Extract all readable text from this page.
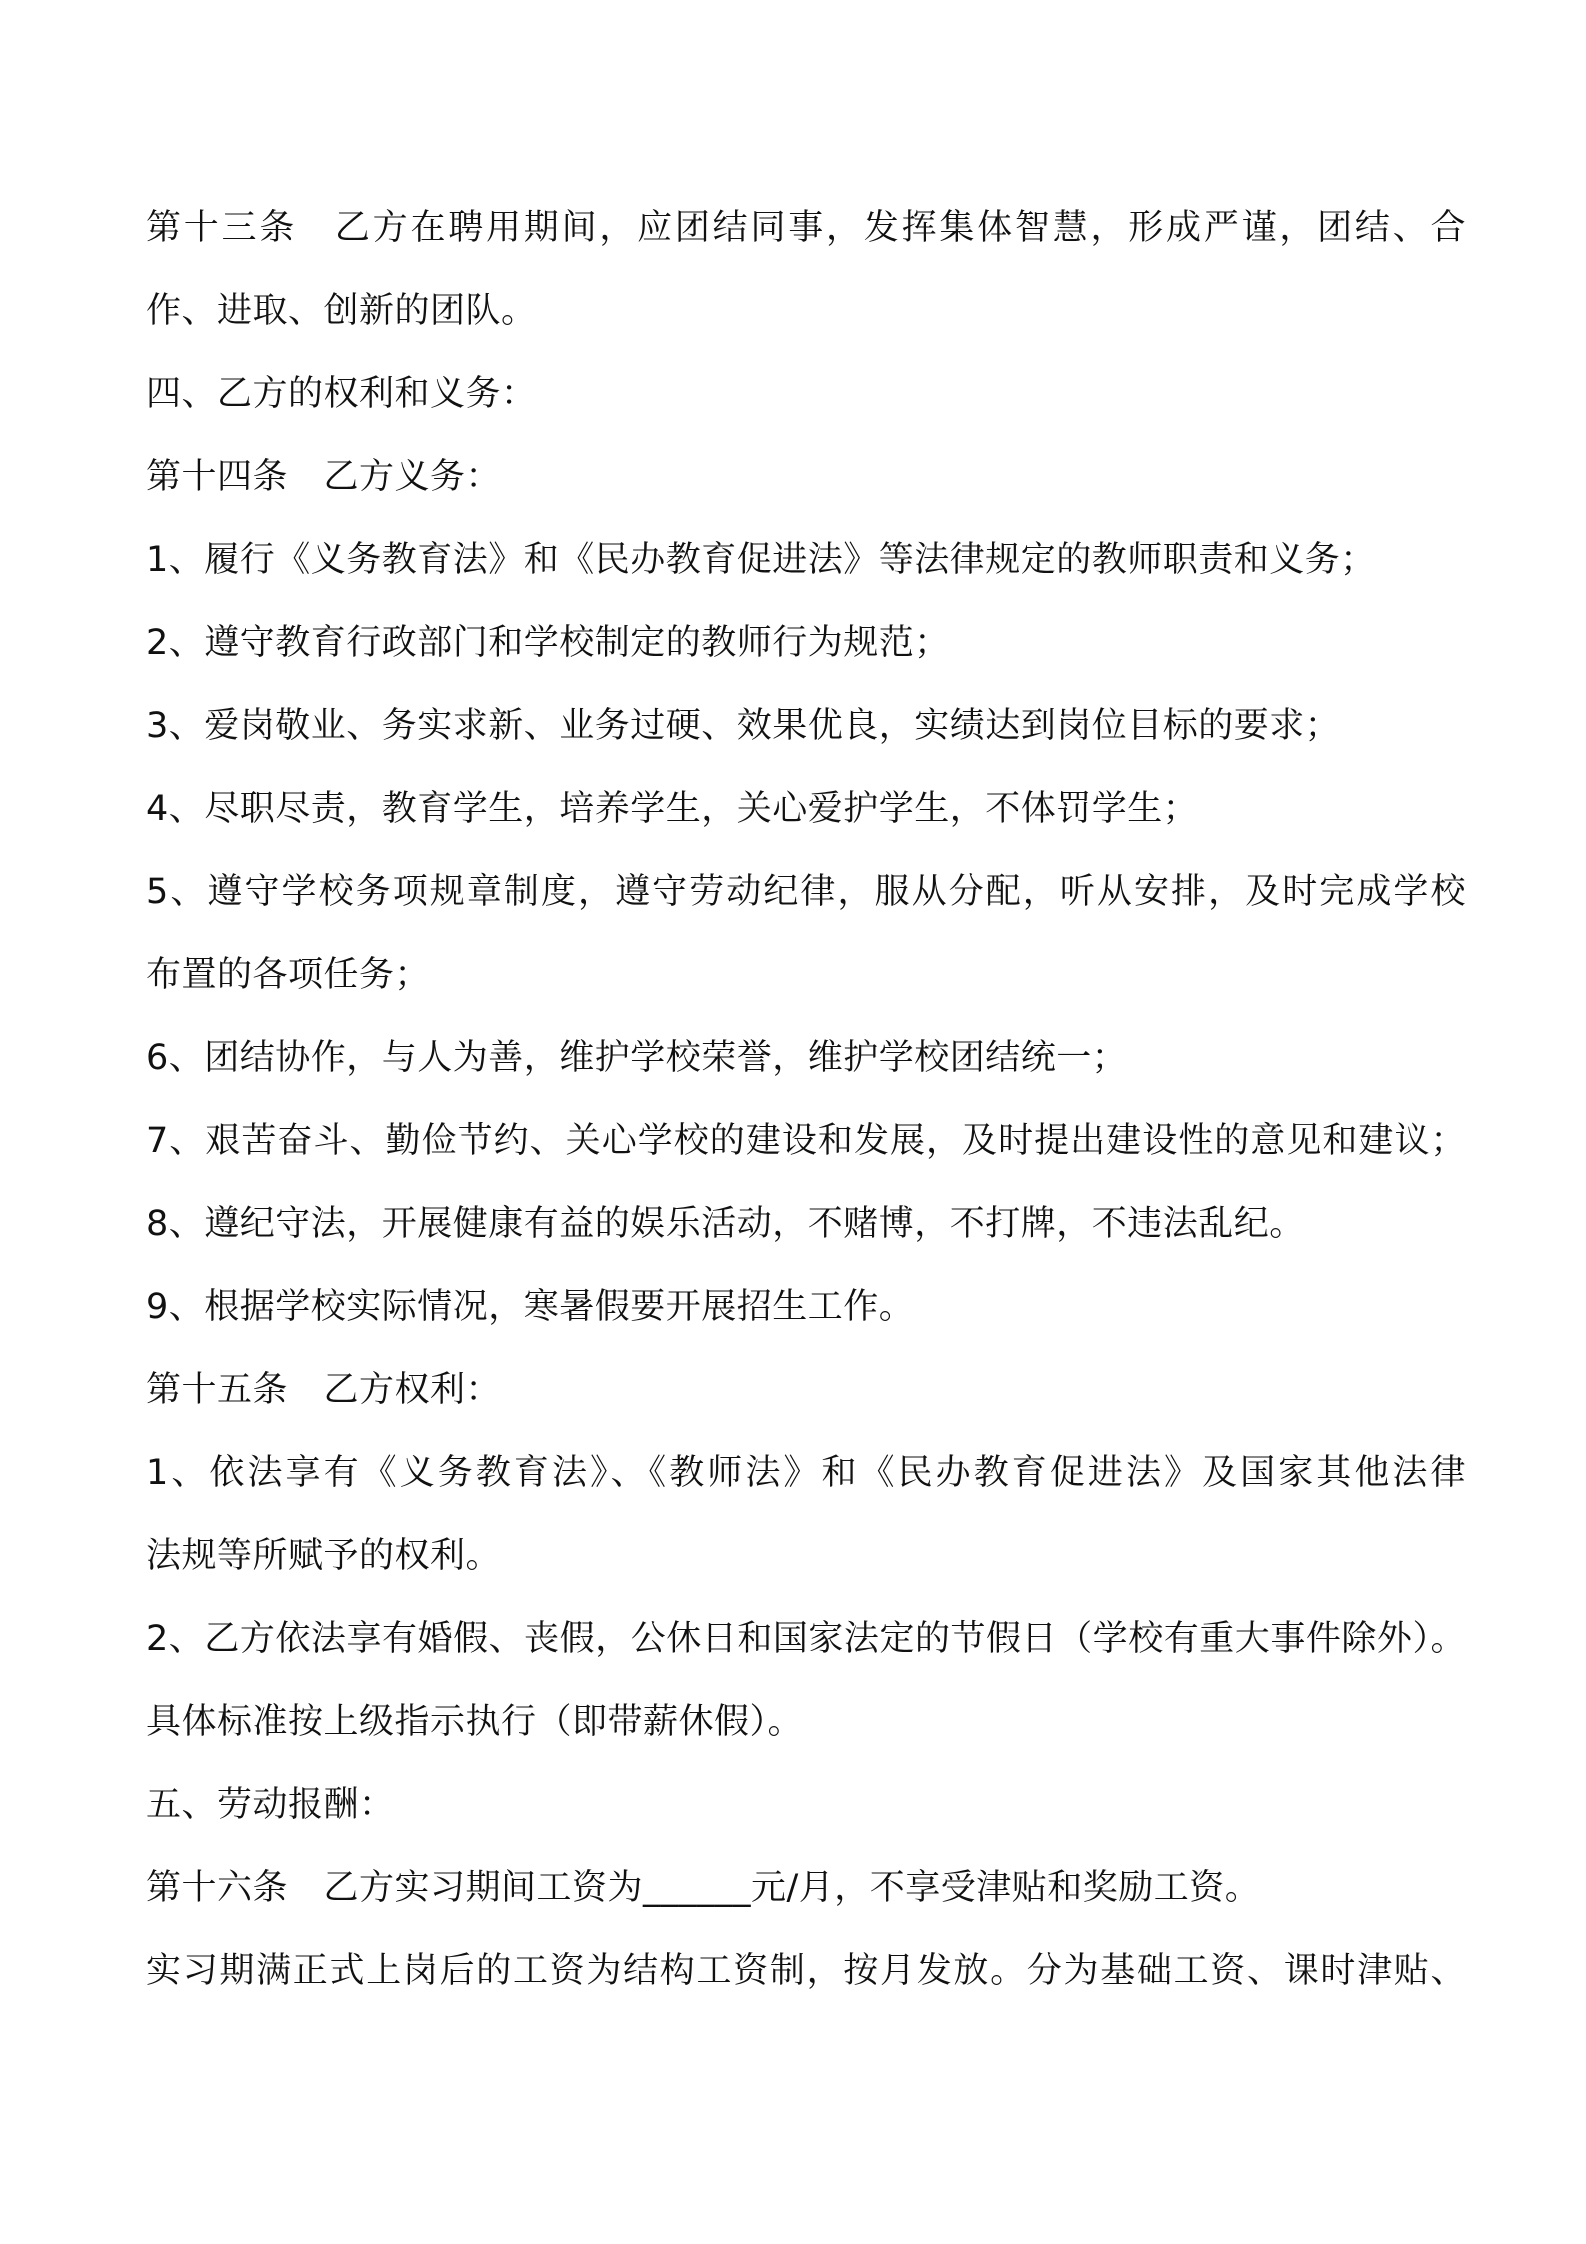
第十三条　乙方在聘用期间，应团结同事，发挥集体智慧，形成严谨，团结、合
作、进取、创新的团队。
四、乙方的权利和义务：
第十四条　乙方义务：
1、履行《义务教育法》和《民办教育促进法》等法律规定的教师职责和义务；
2、遵守教育行政部门和学校制定的教师行为规范；
3、爱岗敬业、务实求新、业务过硬、效果优良，实绩达到岗位目标的要求；
4、尽职尽责，教育学生，培养学生，关心爱护学生，不体罚学生；
5、遵守学校务项规章制度，遵守劳动纪律，服从分配，听从安排，及时完成学校
布置的各项任务；
6、团结协作，与人为善，维护学校荣誉，维护学校团结统一；
7、艰苦奋斗、勤俭节约、关心学校的建设和发展，及时提出建设性的意见和建议；
8、遵纪守法，开展健康有益的娱乐活动，不赌博，不打牌，不违法乱纪。
9、根据学校实际情况，寒暑假要开展招生工作。
第十五条　乙方权利：
1、依法享有《义务教育法》、《教师法》和《民办教育促进法》及国家其他法律
法规等所赋予的权利。
2、乙方依法享有婚假、丧假，公休日和国家法定的节假日（学校有重大事件除外）。
具体标准按上级指示执行（即带薪休假）。
五、劳动报酬：
第十六条　乙方实习期间工资为______元/月，不享受津贴和奖励工资。
实习期满正式上岗后的工资为结构工资制，按月发放。分为基础工资、课时津贴、
